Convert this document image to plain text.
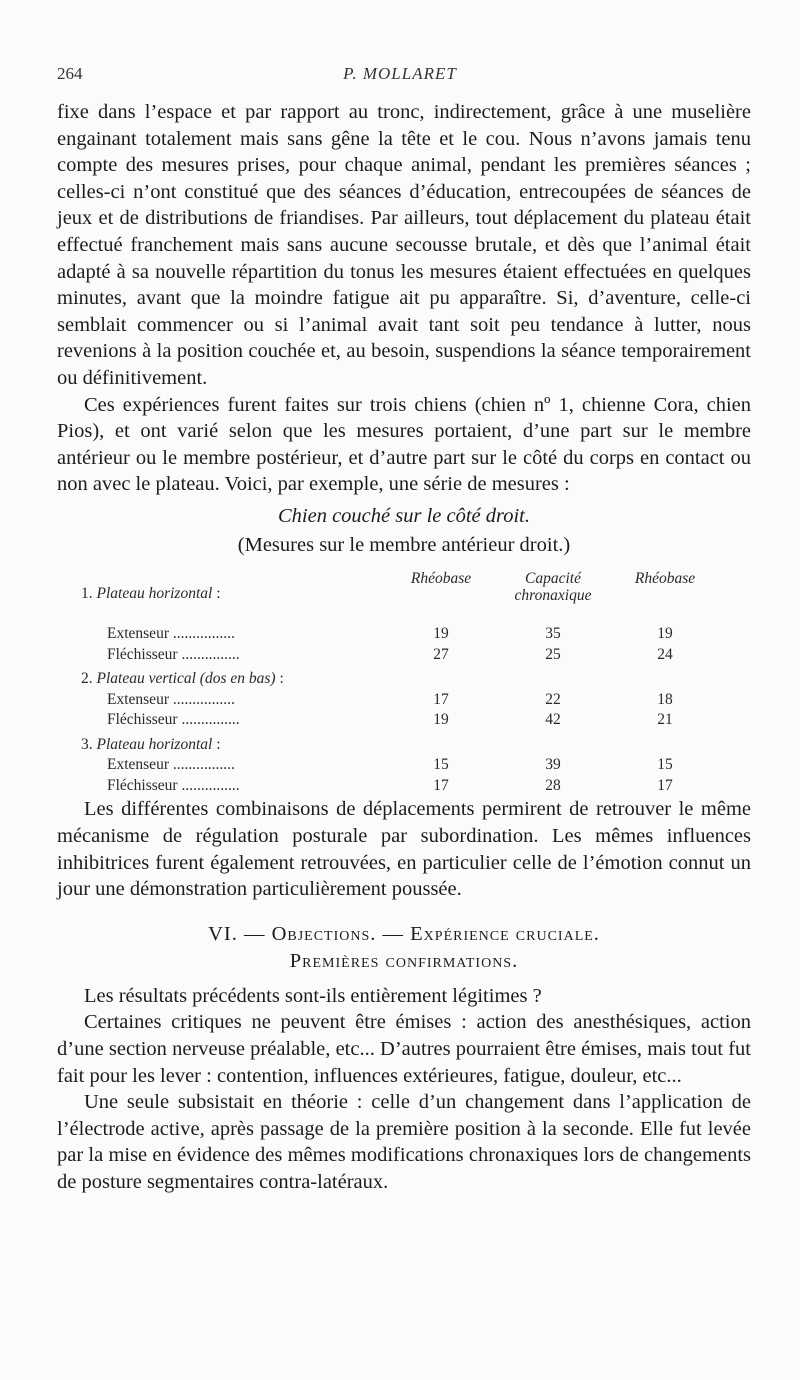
264	P. MOLLARET

fixe dans l’espace et par rapport au tronc, indirectement, grâce à une muselière engainant totalement mais sans gêne la tête et le cou. Nous n’avons jamais tenu compte des mesures prises, pour chaque animal, pendant les premières séances ; celles-ci n’ont constitué que des séances d’éducation, entrecoupées de séances de jeux et de distributions de friandises. Par ailleurs, tout déplacement du plateau était effectué franchement mais sans aucune secousse brutale, et dès que l’animal était adapté à sa nouvelle répartition du tonus les mesures étaient effectuées en quelques minutes, avant que la moindre fatigue ait pu apparaître. Si, d’aventure, celle-ci semblait commencer ou si l’animal avait tant soit peu tendance à lutter, nous revenions à la position couchée et, au besoin, suspendions la séance temporairement ou définitivement.

Ces expériences furent faites sur trois chiens (chien nº 1, chienne Cora, chien Pios), et ont varié selon que les mesures portaient, d’une part sur le membre antérieur ou le membre postérieur, et d’autre part sur le côté du corps en contact ou non avec le plateau. Voici, par exemple, une série de mesures :

Chien couché sur le côté droit.
(Mesures sur le membre antérieur droit.)
	Rhéobase	Capacité chronaxique	Rhéobase
1. Plateau horizontal :			
Extenseur ................	19	35	19
Fléchisseur ...............	27	25	24

2. Plateau vertical (dos en bas) :			
Extenseur ................	17	22	18
Fléchisseur ...............	19	42	21

3. Plateau horizontal :			
Extenseur ................	15	39	15
Fléchisseur ...............	17	28	17

Les différentes combinaisons de déplacements permirent de retrouver le même mécanisme de régulation posturale par subordination. Les mêmes influences inhibitrices furent également retrouvées, en particulier celle de l’émotion connut un jour une démonstration particulièrement poussée.

VI. — Objections. — Expérience cruciale.
Premières confirmations.

Les résultats précédents sont-ils entièrement légitimes ?

Certaines critiques ne peuvent être émises : action des anesthésiques, action d’une section nerveuse préalable, etc... D’autres pourraient être émises, mais tout fut fait pour les lever : contention, influences extérieures, fatigue, douleur, etc...

Une seule subsistait en théorie : celle d’un changement dans l’application de l’électrode active, après passage de la première position à la seconde. Elle fut levée par la mise en évidence des mêmes modifications chronaxiques lors de changements de posture segmentaires contra-latéraux.
